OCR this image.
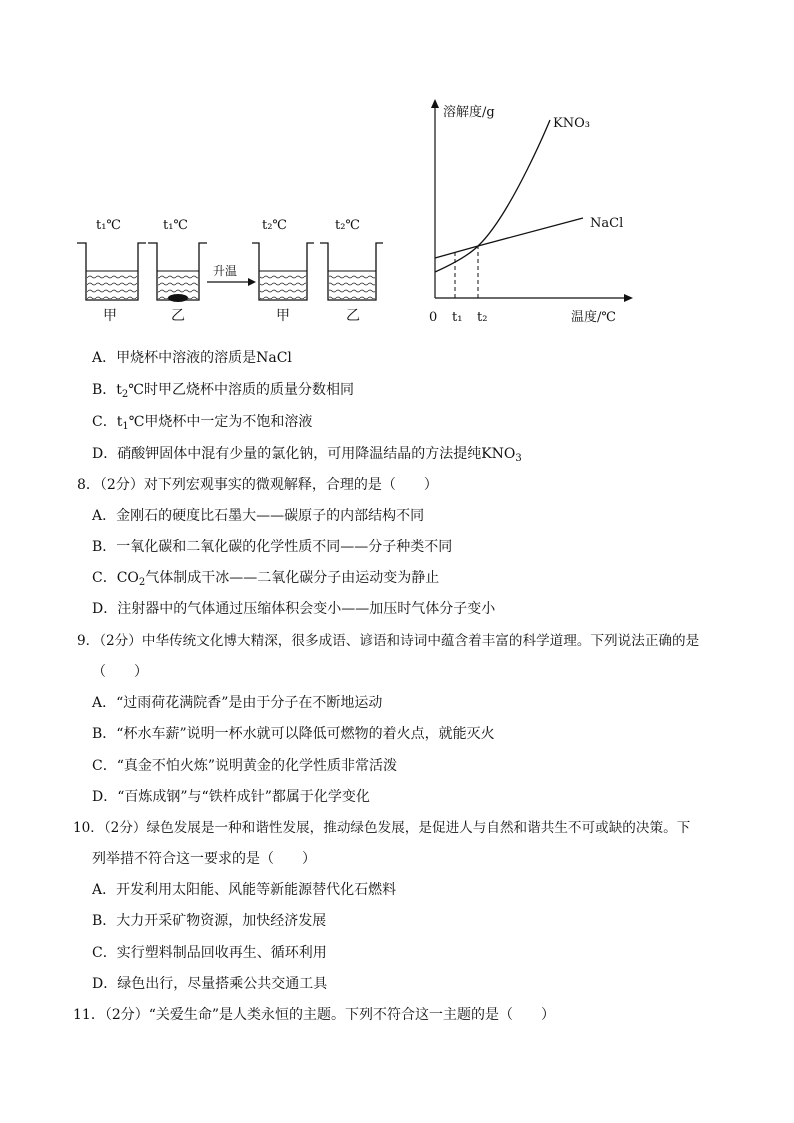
t₁℃
甲
t₁℃
乙
升温
t₂℃
甲
t₂℃
乙
溶解度/g
温度/℃
0 t₁ t₂
KNO₃
NaCl
A．甲烧杯中溶液的溶质是NaCl
B．$t_2℃$时甲乙烧杯中溶质的质量分数相同
C．$t_1℃$甲烧杯中一定为不饱和溶液
D．硝酸钾固体中混有少量的氯化钠，可用降温结晶的方法提纯$KNO_3$
8．（2分）对下列宏观事实的微观解释，合理的是（　　）
A．金刚石的硬度比石墨大——碳原子的内部结构不同
B．一氧化碳和二氧化碳的化学性质不同——分子种类不同
C．$CO_2$气体制成干冰——二氧化碳分子由运动变为静止
D．注射器中的气体通过压缩体积会变小——加压时气体分子变小
9．（2分）中华传统文化博大精深，很多成语、谚语和诗词中蕴含着丰富的科学道理。下列说法正确的是
（　　）
A．“过雨荷花满院香”是由于分子在不断地运动
B．“杯水车薪”说明一杯水就可以降低可燃物的着火点，就能灭火
C．“真金不怕火炼”说明黄金的化学性质非常活泼
D．“百炼成钢”与“铁杵成针”都属于化学变化
10．（2分）绿色发展是一种和谐性发展，推动绿色发展，是促进人与自然和谐共生不可或缺的决策。下
列举措不符合这一要求的是（　　）
A．开发利用太阳能、风能等新能源替代化石燃料
B．大力开采矿物资源，加快经济发展
C．实行塑料制品回收再生、循环利用
D．绿色出行，尽量搭乘公共交通工具
11．（2分）“关爱生命”是人类永恒的主题。下列不符合这一主题的是（　　）
